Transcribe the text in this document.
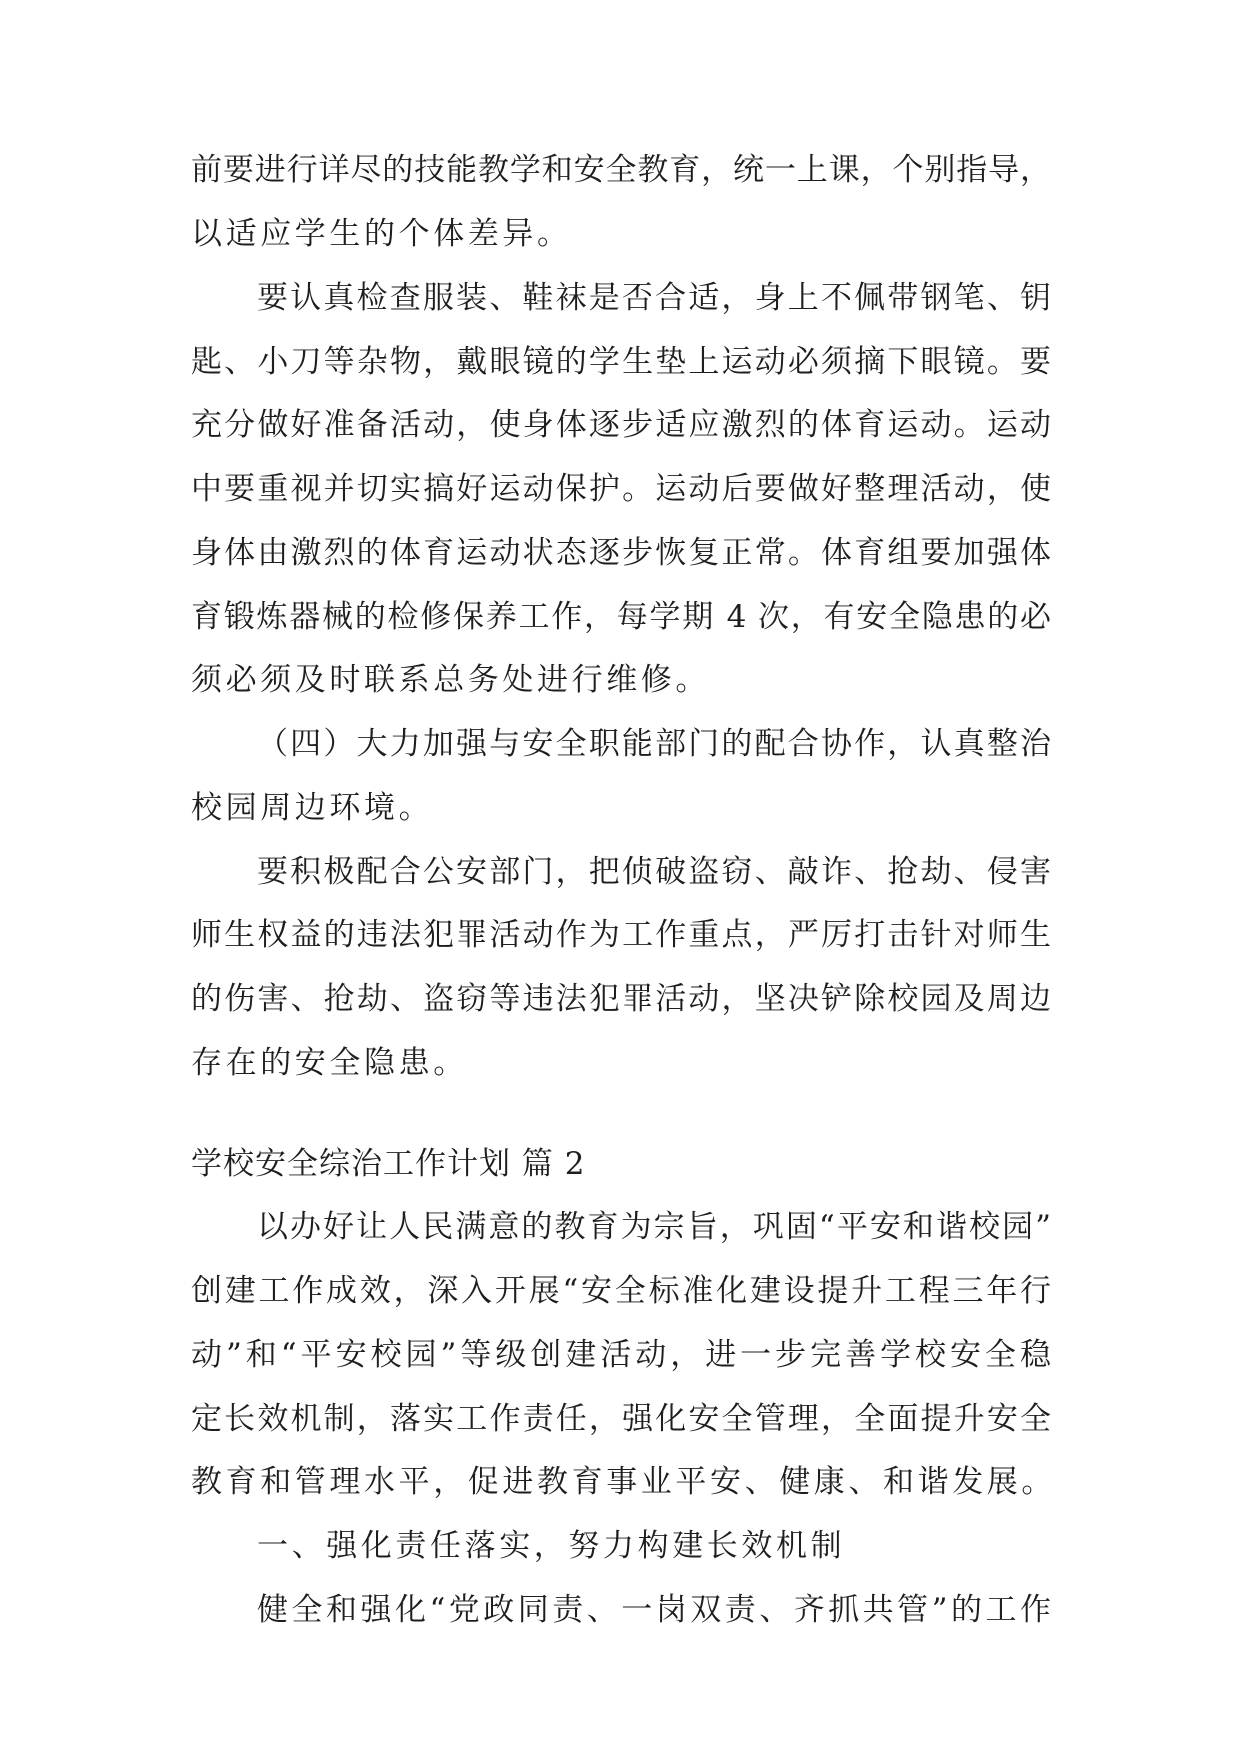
前要进行详尽的技能教学和安全教育，统一上课，个别指导，

以适应学生的个体差异。

要认真检查服装、鞋袜是否合适，身上不佩带钢笔、钥

匙、小刀等杂物，戴眼镜的学生垫上运动必须摘下眼镜。要

充分做好准备活动，使身体逐步适应激烈的体育运动。运动

中要重视并切实搞好运动保护。运动后要做好整理活动，使

身体由激烈的体育运动状态逐步恢复正常。体育组要加强体

育锻炼器械的检修保养工作，每学期 4 次，有安全隐患的必

须必须及时联系总务处进行维修。

（四）大力加强与安全职能部门的配合协作，认真整治

校园周边环境。

要积极配合公安部门，把侦破盗窃、敲诈、抢劫、侵害

师生权益的违法犯罪活动作为工作重点，严厉打击针对师生

的伤害、抢劫、盗窃等违法犯罪活动，坚决铲除校园及周边

存在的安全隐患。

学校安全综治工作计划 篇 2

以办好让人民满意的教育为宗旨，巩固“平安和谐校园”

创建工作成效，深入开展“安全标准化建设提升工程三年行

动”和“平安校园”等级创建活动，进一步完善学校安全稳

定长效机制，落实工作责任，强化安全管理，全面提升安全

教育和管理水平，促进教育事业平安、健康、和谐发展。

一、强化责任落实，努力构建长效机制

健全和强化“党政同责、一岗双责、齐抓共管”的工作
